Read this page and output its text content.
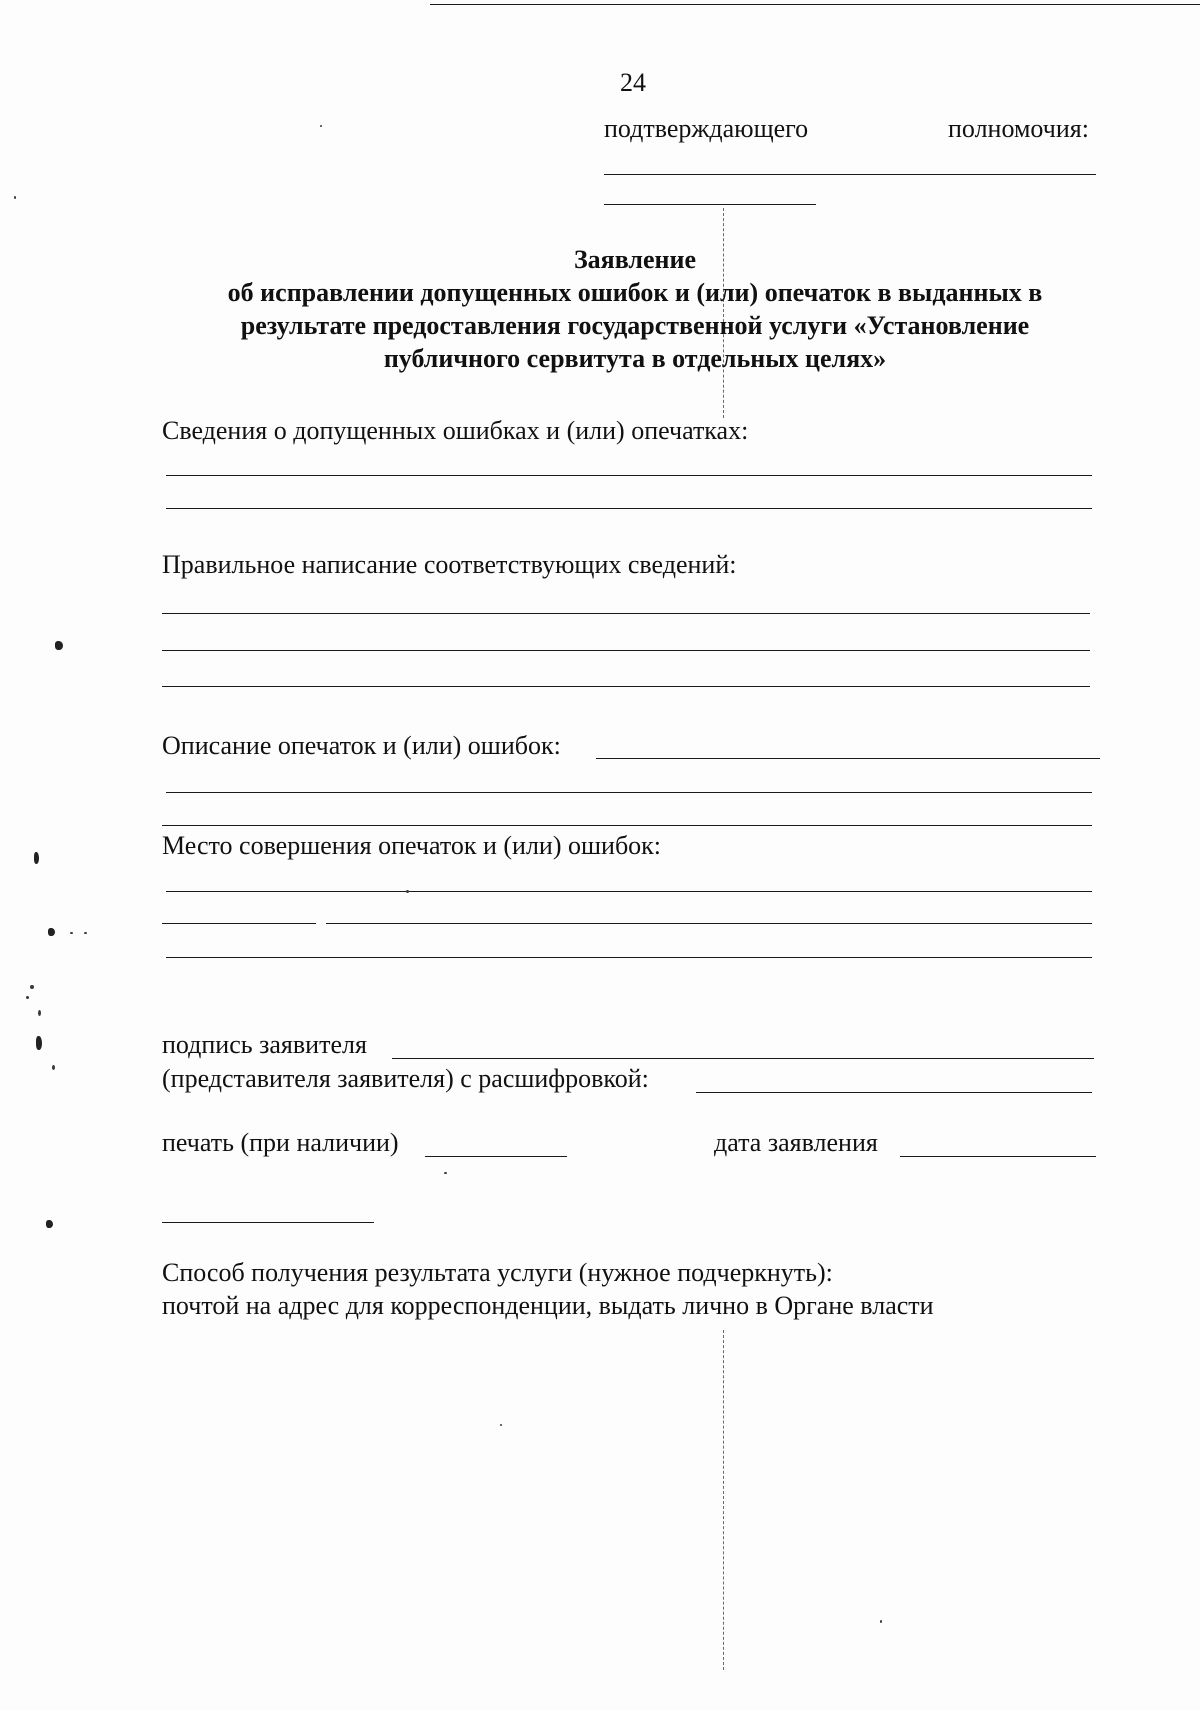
24
подтверждающего	полномочия:
Заявление
об исправлении допущенных ошибок и (или) опечаток в выданных в
результате предоставления государственной услуги «Установление
публичного сервитута в отдельных целях»
Сведения о допущенных ошибках и (или) опечатках:
Правильное написание соответствующих сведений:
Описание опечаток и (или) ошибок:
Место совершения опечаток и (или) ошибок:
подпись заявителя
(представителя заявителя) с расшифровкой:
печать (при наличии)	дата заявления
Способ получения результата услуги (нужное подчеркнуть):
почтой на адрес для корреспонденции, выдать лично в Органе власти
